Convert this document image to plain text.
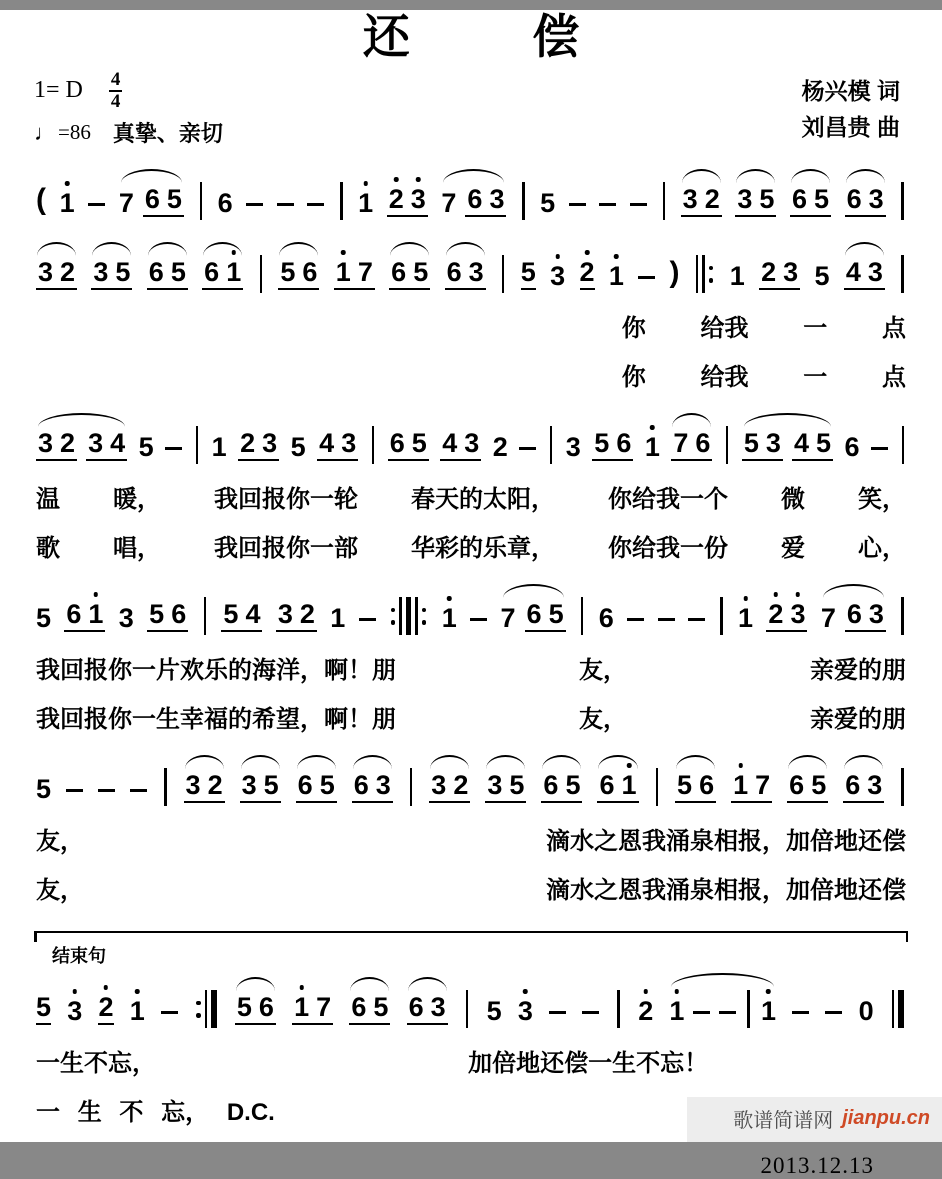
还偿
1= D $\frac{4}{4}$
♩ =86 真挚、亲切
杨兴模 词
刘昌贵 曲
( 1 7 6 5 6	1 2 3 7 6 3 5	3 2 3 5 6 5 6 3
3 2 3 5 6 5 6 1 5 6 1 7 6 5 6 3 5 3 2 1 ) 1 2 3 5 4 3
你 给我 一 点
你 给我 一 点
3 2 3 4 5 1 2 3 5 4 3 6 5 4 3 2 3 5 6 1 7 6 5 3 4 5 6
温 暖， 我回报你一轮 春天的太阳， 你给我一个 微 笑，
歌 唱， 我回报你一部 华彩的乐章， 你给我一份 爱 心，
5 6 1 3 5 6 5 4 3 2 1	1 7 6 5 6	1 2 3 7 6 3
我回报你一片 欢乐的海 洋， 啊！朋	友，	亲爱的朋
我回报你一生 幸福的希 望， 啊！朋	友，	亲爱的朋
5	3 2 3 5 6 5 6 3 3 2 3 5 6 5 6 1 5 6 1 7 6 5 6 3
友，	滴 水 之 恩我 涌 泉 相 报， 加 倍地还 偿
友，	滴 水 之 恩我 涌 泉 相 报， 加 倍地还 偿
结束句
5 3 2 1	5 6 1 7 6 5 6 3 5 3	2 1	1	0
一 生 不 忘，	加 倍地还 偿 一生 不忘！
一 生 不 忘， D.C.
2013.12.13
歌谱简谱网 jianpu.cn
